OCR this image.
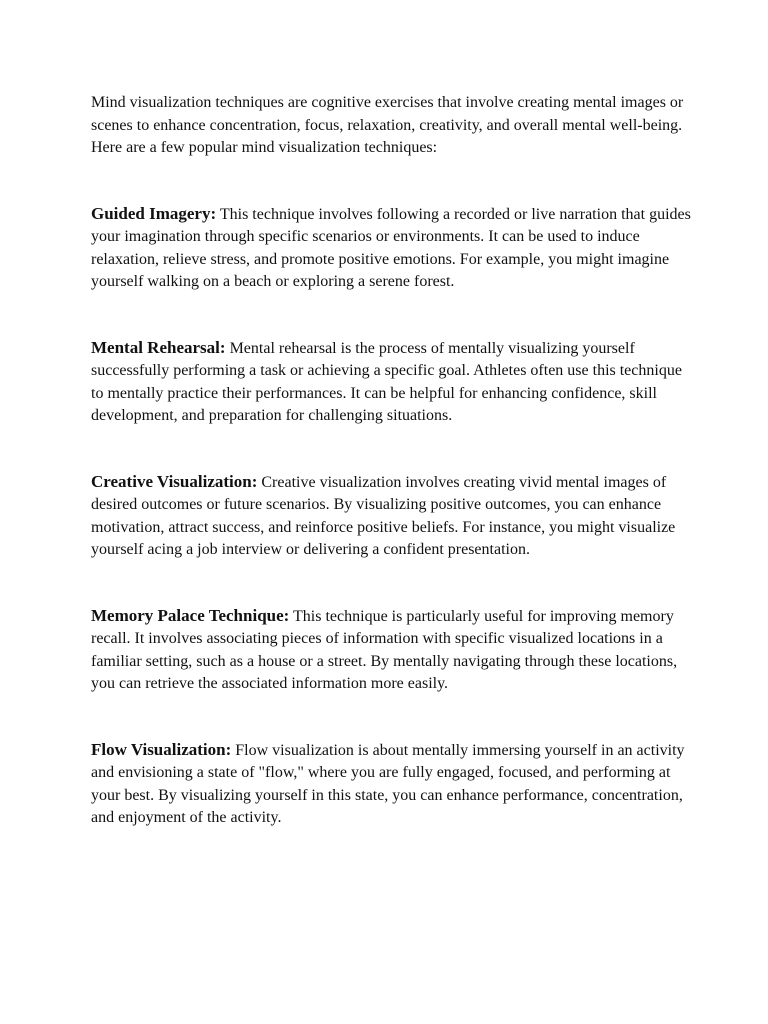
Mind visualization techniques are cognitive exercises that involve creating mental images or scenes to enhance concentration, focus, relaxation, creativity, and overall mental well-being. Here are a few popular mind visualization techniques:

Guided Imagery: This technique involves following a recorded or live narration that guides your imagination through specific scenarios or environments. It can be used to induce relaxation, relieve stress, and promote positive emotions. For example, you might imagine yourself walking on a beach or exploring a serene forest.

Mental Rehearsal: Mental rehearsal is the process of mentally visualizing yourself successfully performing a task or achieving a specific goal. Athletes often use this technique to mentally practice their performances. It can be helpful for enhancing confidence, skill development, and preparation for challenging situations.

Creative Visualization: Creative visualization involves creating vivid mental images of desired outcomes or future scenarios. By visualizing positive outcomes, you can enhance motivation, attract success, and reinforce positive beliefs. For instance, you might visualize yourself acing a job interview or delivering a confident presentation.

Memory Palace Technique: This technique is particularly useful for improving memory recall. It involves associating pieces of information with specific visualized locations in a familiar setting, such as a house or a street. By mentally navigating through these locations, you can retrieve the associated information more easily.

Flow Visualization: Flow visualization is about mentally immersing yourself in an activity and envisioning a state of "flow," where you are fully engaged, focused, and performing at your best. By visualizing yourself in this state, you can enhance performance, concentration, and enjoyment of the activity.
